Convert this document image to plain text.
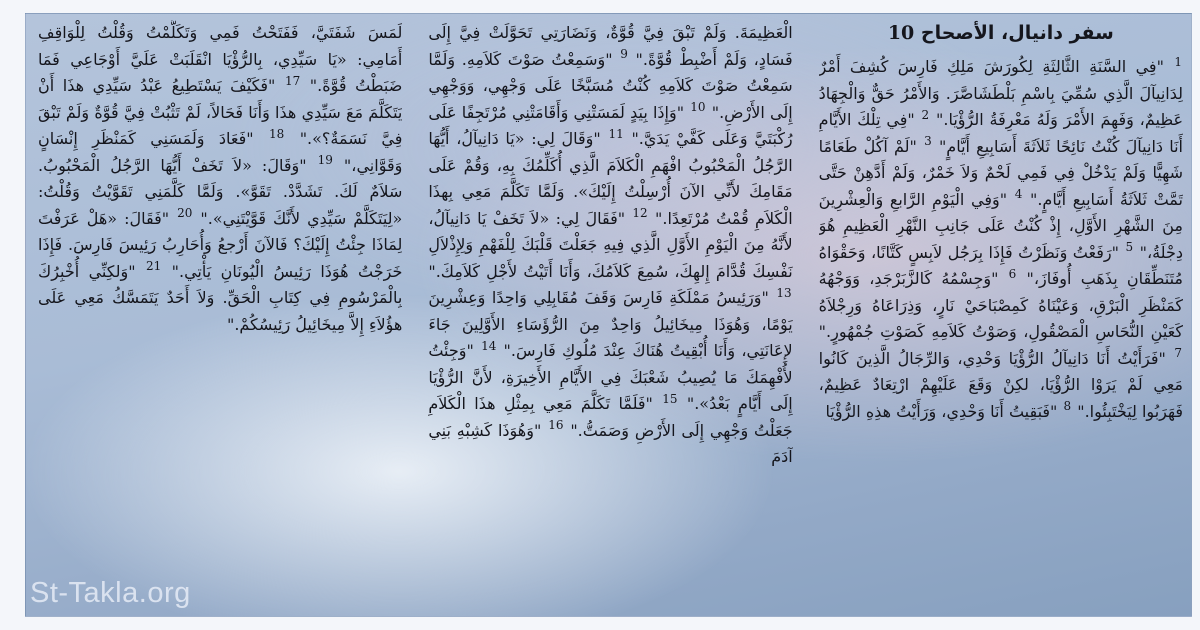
سفر دانيال، الأصحاح 10

$^1$ "فِي السَّنَةِ الثَّالِثَةِ لِكُورَشَ مَلِكِ فَارِسَ كُشِفَ أَمْرٌ لِدَانِيآلَ الَّذِي سُمِّيَ بِاسْمِ بَلْطَشَاصَّرَ. وَالأَمْرُ حَقٌّ وَالْجِهَادُ عَظِيمٌ، وَفَهِمَ الأَمْرَ وَلَهُ مَعْرِفَةُ الرُّؤْيَا." $^2$ "فِي تِلْكَ الأَيَّامِ أَنَا دَانِيآلَ كُنْتُ نَائِحًا ثَلاَثَةَ أَسَابِيعِ أَيَّامٍ" $^3$ "لَمْ آكُلْ طَعَامًا شَهِيًّا وَلَمْ يَدْخُلْ فِي فَمِي لَحْمٌ وَلاَ خَمْرٌ، وَلَمْ أَدَّهِنْ حَتَّى تَمَّتْ ثَلاَثَةُ أَسَابِيعِ أَيَّامٍ." $^4$ "وَفِي الْيَوْمِ الرَّابعِ وَالْعِشْرِينَ مِنَ الشَّهْرِ الأَوَّلِ، إِذْ كُنْتُ عَلَى جَانِبِ النَّهْرِ الْعَظِيمِ هُوَ دِجْلَةُ،" $^5$ "رَفَعْتُ وَنَظَرْتُ فَإِذَا بِرَجُل لاَبِسٍ كَتَّانًا، وَحَقْوَاهُ مُتَنَطِّقَانِ بِذَهَبِ أُوفَازَ،" $^6$ "وَجِسْمُهُ كَالزَّبَرْجَدِ، وَوَجْهُهُ كَمَنْظَرِ الْبَرْقِ، وَعَيْنَاهُ كَمِصْبَاحَيْ نَارٍ، وَذِرَاعَاهُ وَرِجْلاَهُ كَعَيْنِ النُّحَاسِ الْمَصْقُولِ، وَصَوْتُ كَلاَمِهِ كَصَوْتِ جُمْهُورٍ." $^7$ "فَرَأَيْتُ أَنَا دَانِيآلُ الرُّؤْيَا وَحْدِي، وَالرِّجَالُ الَّذِينَ كَانُوا مَعِي لَمْ يَرَوْا الرُّؤْيَا، لكِنْ وَقَعَ عَلَيْهِمْ ارْتِعَادٌ عَظِيمٌ، فَهَرَبُوا لِيَخْتَبِئُوا." $^8$ "فَبَقِيتُ أَنَا وَحْدِي، وَرَأَيْتُ هذِهِ الرُّؤْيَا

الْعَظِيمَةَ. وَلَمْ تَبْقَ فِيَّ قُوَّةٌ، وَنَضَارَتِي تَحَوَّلَتْ فِيَّ إِلَى فَسَادٍ، وَلَمْ أَضْبِطْ قُوَّةً." $^9$ "وَسَمِعْتُ صَوْتَ كَلاَمِهِ. وَلَمَّا سَمِعْتُ صَوْتَ كَلاَمِهِ كُنْتُ مُسَبَّخًا عَلَى وَجْهِي، وَوَجْهِي إِلَى الأَرْضِ." $^{10}$ "وَإِذَا بِيَدٍ لَمَسَتْنِي وَأَقَامَتْنِي مُرْتَجِفًا عَلَى رُكْبَتَيَّ وَعَلَى كَفَّيْ يَدَيَّ." $^{11}$ "وَقَالَ لِي: «يَا دَانِيآلُ، أَيُّهَا الرَّجُلُ الْمَحْبُوبُ افْهَمِ الْكَلاَمَ الَّذِي أُكَلِّمُكَ بِهِ، وَقُمْ عَلَى مَقَامِكَ لأَنِّي الآنَ أُرْسِلْتُ إِلَيْكَ». وَلَمَّا تَكَلَّمَ مَعِي بِهذَا الْكَلاَمِ قُمْتُ مُرْتَعِدًا." $^{12}$ "فَقَالَ لِي: «لاَ تَخَفْ يَا دَانِيآلُ، لأَنَّهُ مِنَ الْيَوْمِ الأَوَّلِ الَّذِي فِيهِ جَعَلْتَ قَلْبَكَ لِلْفَهْمِ وَلِإِذْلاَلِ نَفْسِكَ قُدَّامَ إِلهِكَ، سُمِعَ كَلاَمُكَ، وَأَنَا أَتَيْتُ لأَجْلِ كَلاَمِكَ." $^{13}$ "وَرَئِيسُ مَمْلَكَةِ فَارِسَ وَقَفَ مُقَابِلِي وَاحِدًا وَعِشْرِينَ يَوْمًا، وَهُوَذَا مِيخَائِيلُ وَاحِدٌ مِنَ الرُّؤَسَاءِ الأَوَّلِينَ جَاءَ لإِعَانَتِي، وَأَنَا أُبْقِيتُ هُنَاكَ عِنْدَ مُلُوكِ فَارِسَ." $^{14}$ "وَجِئْتُ لأُفْهِمَكَ مَا يُصِيبُ شَعْبَكَ فِي الأَيَّامِ الأَخِيرَةِ، لأَنَّ الرُّؤْيَا إِلَى أَيَّامٍ بَعْدُ»." $^{15}$ "فَلَمَّا تَكَلَّمَ مَعِي بِمِثْلِ هذَا الْكَلاَمِ جَعَلْتُ وَجْهِي إِلَى الأَرْضِ وَصَمَتُّ." $^{16}$ "وَهُوَذَا كَشِبْهِ بَنِي آدَمَ

لَمَسَ شَفَتَيَّ، فَفَتَحْتُ فَمِي وَتَكَلَّمْتُ وَقُلْتُ لِلْوَاقِفِ أَمَامِي: «يَا سَيِّدِي، بِالرُّؤْيَا انْقَلَبَتْ عَلَيَّ أَوْجَاعِي فَمَا ضَبَطْتُ قُوَّةً." $^{17}$ "فَكَيْفَ يَسْتَطِيعُ عَبْدُ سَيِّدِي هذَا أَنْ يَتَكَلَّمَ مَعَ سَيِّدِي هذَا وَأَنَا فَحَالاً، لَمْ تَثْبُتْ فِيَّ قُوَّةٌ وَلَمْ تَبْقَ فِيَّ نَسَمَةٌ؟»." $^{18}$ "فَعَادَ وَلَمَسَنِي كَمَنْظَرِ إِنْسَانٍ وَقَوَّانِي،" $^{19}$ "وَقَالَ: «لاَ تَخَفْ أَيُّهَا الرَّجُلُ الْمَحْبُوبُ. سَلاَمٌ لَكَ. تَشَدَّدْ. تَقَوَّ». وَلَمَّا كَلَّمَنِي تَقَوَّيْتُ وَقُلْتُ: «لِيَتَكَلَّمْ سَيِّدِي لأَنَّكَ قَوَّيْتَنِي»." $^{20}$ "فَقَالَ: «هَلْ عَرَفْتَ لِمَاذَا جِئْتُ إِلَيْكَ؟ فَالآنَ أَرْجعُ وَأُحَارِبُ رَئِيسَ فَارِسَ. فَإِذَا خَرَجْتُ هُوَذَا رَئِيسُ الْيُونَانِ يَأْتِي." $^{21}$ "وَلكِنِّي أُخْبِرُكَ بِالْمَرْسُومِ فِي كِتَابِ الْحَقِّ. وَلاَ أَحَدٌ يَتَمَسَّكُ مَعِي عَلَى هؤُلاَءِ إِلاَّ مِيخَائِيلُ رَئِيسُكُمْ."

St-Takla.org
